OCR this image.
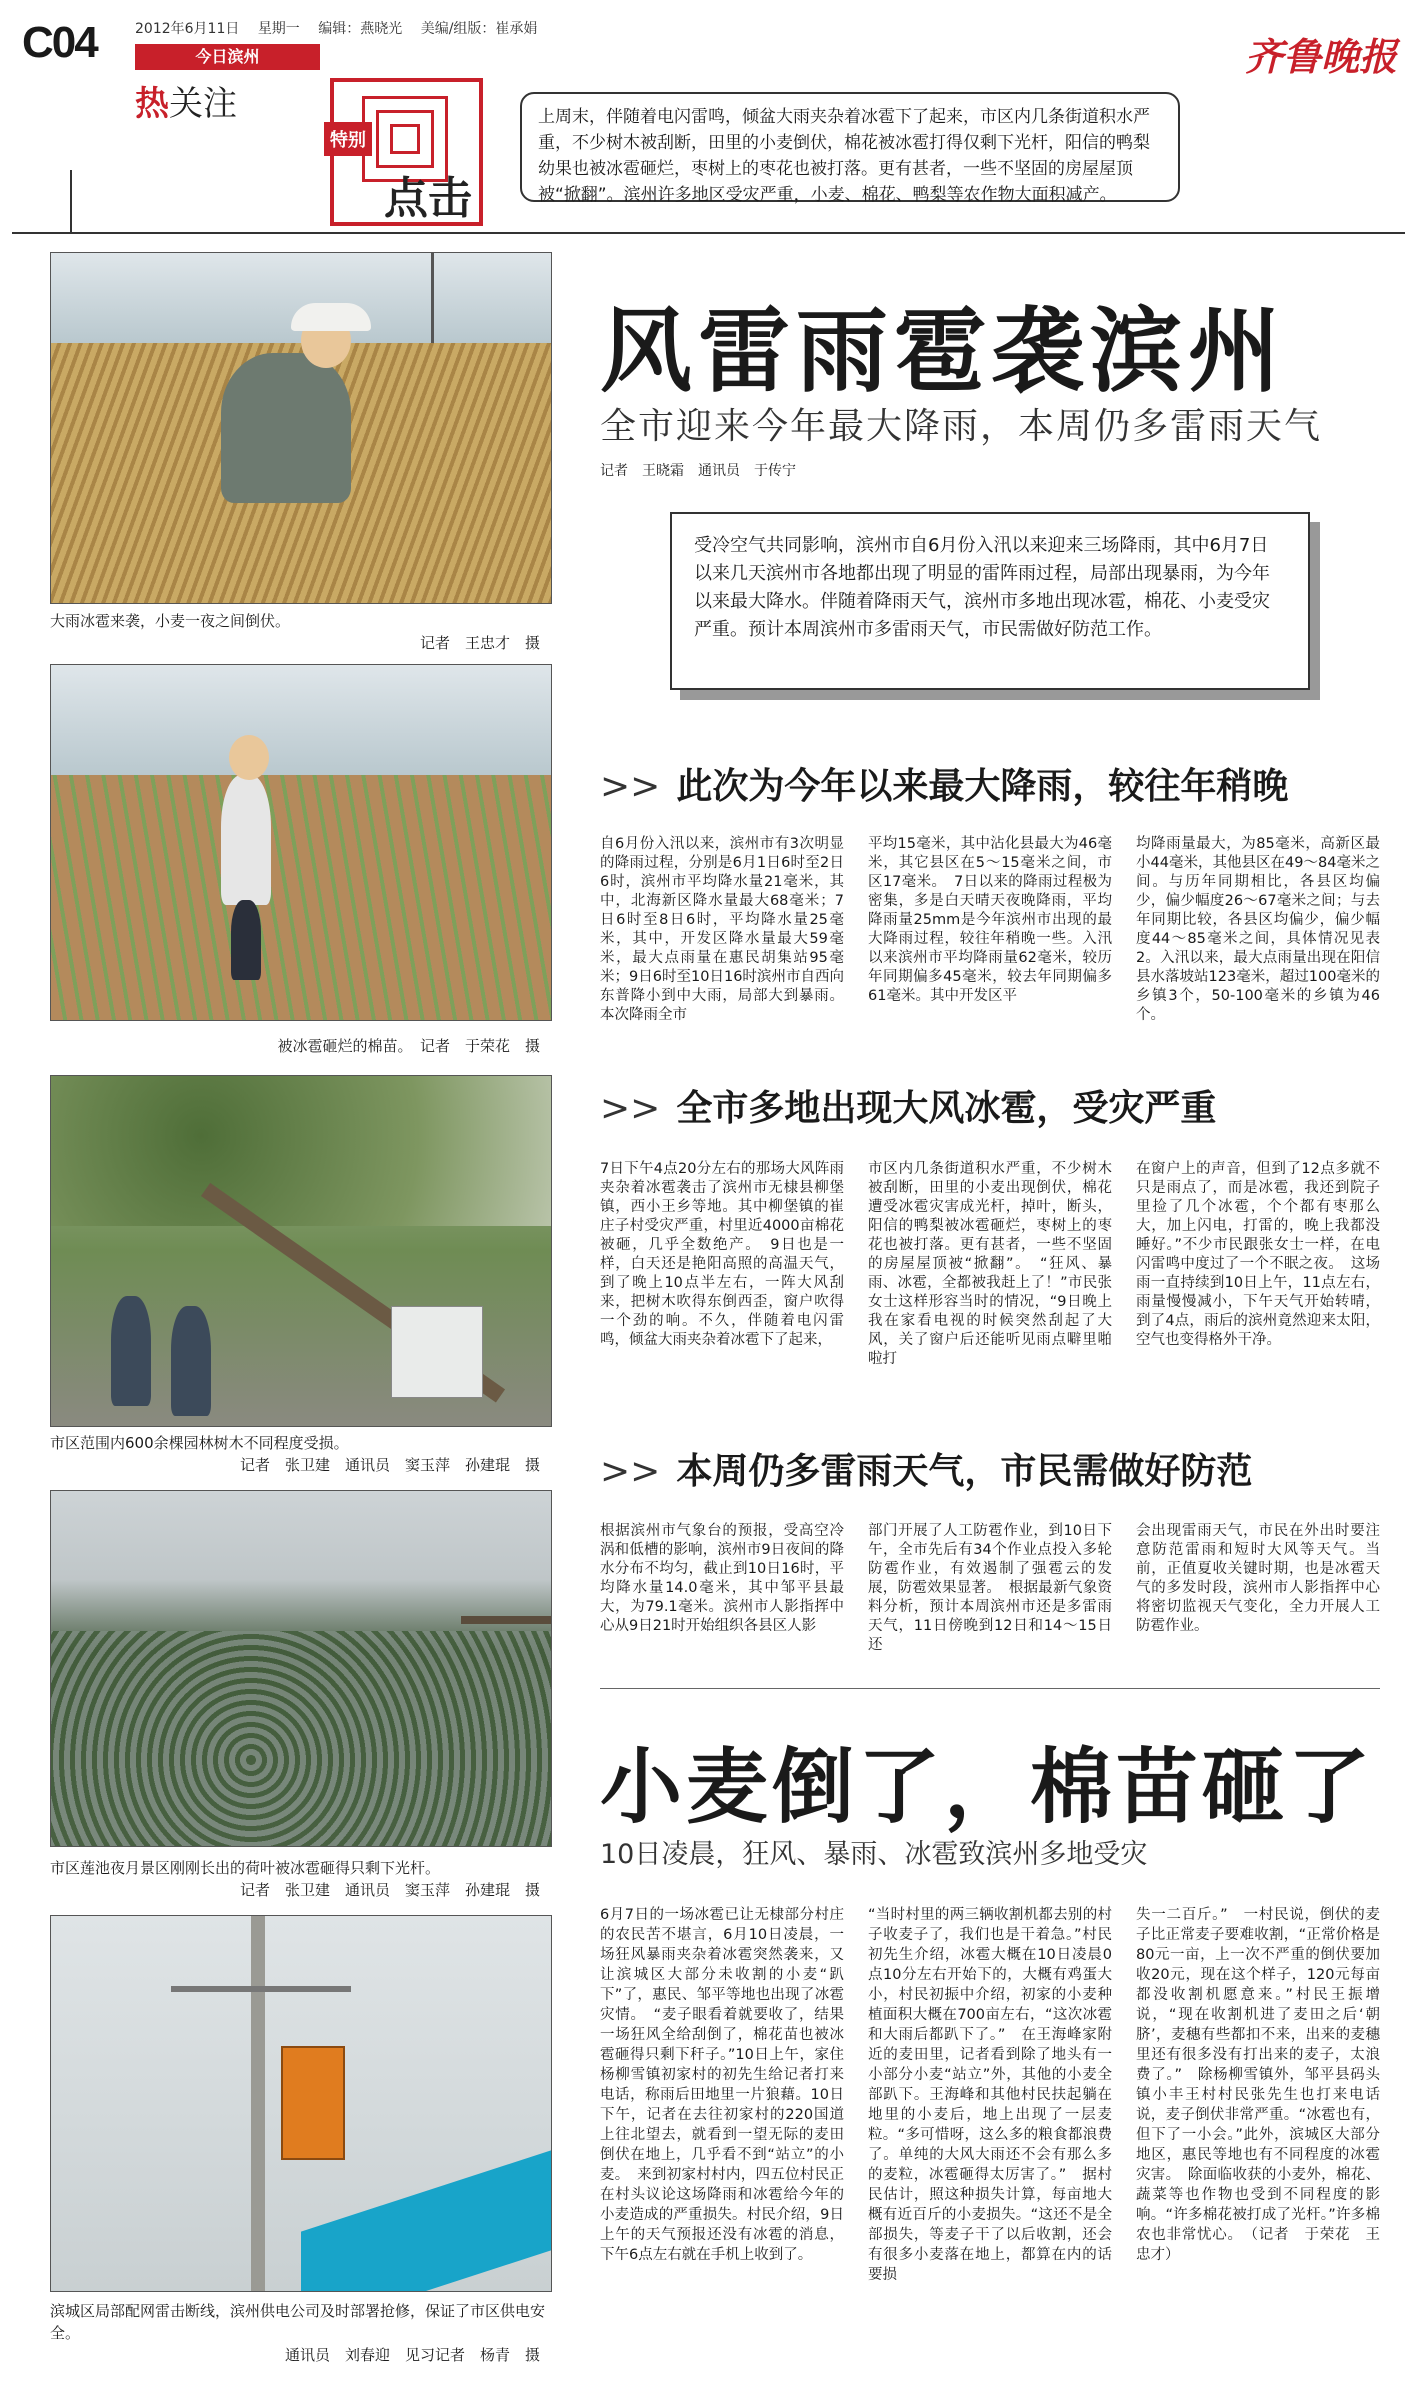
C04	2012年6月11日 星期一 编辑：燕晓光 美编/组版：崔承娟
今日滨州
热关注
齐鲁晚报
特别
点击
上周末，伴随着电闪雷鸣，倾盆大雨夹杂着冰雹下了起来，市区内几条街道积水严重，不少树木被刮断，田里的小麦倒伏，棉花被冰雹打得仅剩下光杆，阳信的鸭梨幼果也被冰雹砸烂，枣树上的枣花也被打落。更有甚者，一些不坚固的房屋屋顶被“掀翻”。滨州许多地区受灾严重，小麦、棉花、鸭梨等农作物大面积减产。
大雨冰雹来袭，小麦一夜之间倒伏。
记者　王忠才　摄
被冰雹砸烂的棉苗。　记者　于荣花　摄
市区范围内600余棵园林树木不同程度受损。
记者　张卫建　通讯员　窦玉萍　孙建琨　摄
市区莲池夜月景区刚刚长出的荷叶被冰雹砸得只剩下光杆。
记者　张卫建　通讯员　窦玉萍　孙建琨　摄
滨城区局部配网雷击断线，滨州供电公司及时部署抢修，保证了市区供电安全。
通讯员　刘春迎　见习记者　杨青　摄
风雷雨雹袭滨州
全市迎来今年最大降雨，本周仍多雷雨天气
记者　王晓霜　通讯员　于传宁
受冷空气共同影响，滨州市自6月份入汛以来迎来三场降雨，其中6月7日以来几天滨州市各地都出现了明显的雷阵雨过程，局部出现暴雨，为今年以来最大降水。伴随着降雨天气，滨州市多地出现冰雹，棉花、小麦受灾严重。预计本周滨州市多雷雨天气，市民需做好防范工作。
>> 此次为今年以来最大降雨，较往年稍晚
自6月份入汛以来，滨州市有3次明显的降雨过程，分别是6月1日6时至2日6时，滨州市平均降水量21毫米，其中，北海新区降水量最大68毫米；7日6时至8日6时，平均降水量25毫米，其中，开发区降水量最大59毫米，最大点雨量在惠民胡集站95毫米；9日6时至10日16时滨州市自西向东普降小到中大雨，局部大到暴雨。本次降雨全市
平均15毫米，其中沾化县最大为46毫米，其它县区在5～15毫米之间，市区17毫米。　7日以来的降雨过程极为密集，多是白天晴天夜晚降雨，平均降雨量25mm是今年滨州市出现的最大降雨过程，较往年稍晚一些。入汛以来滨州市平均降雨量62毫米，较历年同期偏多45毫米，较去年同期偏多61毫米。其中开发区平
均降雨量最大，为85毫米，高新区最小44毫米，其他县区在49～84毫米之间。与历年同期相比，各县区均偏少，偏少幅度26～67毫米之间；与去年同期比较，各县区均偏少，偏少幅度44～85毫米之间，具体情况见表2。入汛以来，最大点雨量出现在阳信县水落坡站123毫米，超过100毫米的乡镇3个，50-100毫米的乡镇为46个。
>> 全市多地出现大风冰雹，受灾严重
7日下午4点20分左右的那场大风阵雨夹杂着冰雹袭击了滨州市无棣县柳堡镇，西小王乡等地。其中柳堡镇的崔庄子村受灾严重，村里近4000亩棉花被砸，几乎全数绝产。　9日也是一样，白天还是艳阳高照的高温天气，到了晚上10点半左右，一阵大风刮来，把树木吹得东倒西歪，窗户吹得一个劲的响。不久，伴随着电闪雷鸣，倾盆大雨夹杂着冰雹下了起来，
市区内几条街道积水严重，不少树木被刮断，田里的小麦出现倒伏，棉花遭受冰雹灾害成光杆，掉叶，断头，阳信的鸭梨被冰雹砸烂，枣树上的枣花也被打落。更有甚者，一些不坚固的房屋屋顶被“掀翻”。　“狂风、暴雨、冰雹，全都被我赶上了！”市民张女士这样形容当时的情况，“9日晚上我在家看电视的时候突然刮起了大风，关了窗户后还能听见雨点噼里啪啦打
在窗户上的声音，但到了12点多就不只是雨点了，而是冰雹，我还到院子里捡了几个冰雹，个个都有枣那么大，加上闪电，打雷的，晚上我都没睡好。”不少市民跟张女士一样，在电闪雷鸣中度过了一个不眠之夜。　这场雨一直持续到10日上午，11点左右，雨量慢慢减小，下午天气开始转晴，到了4点，雨后的滨州竟然迎来太阳，空气也变得格外干净。
>> 本周仍多雷雨天气，市民需做好防范
根据滨州市气象台的预报，受高空冷涡和低槽的影响，滨州市9日夜间的降水分布不均匀，截止到10日16时，平均降水量14.0毫米，其中邹平县最大，为79.1毫米。滨州市人影指挥中心从9日21时开始组织各县区人影
部门开展了人工防雹作业，到10日下午，全市先后有34个作业点投入多轮防雹作业，有效遏制了强雹云的发展，防雹效果显著。　根据最新气象资料分析，预计本周滨州市还是多雷雨天气，11日傍晚到12日和14～15日还
会出现雷雨天气，市民在外出时要注意防范雷雨和短时大风等天气。当前，正值夏收关键时期，也是冰雹天气的多发时段，滨州市人影指挥中心将密切监视天气变化，全力开展人工防雹作业。
小麦倒了，棉苗砸了
10日凌晨，狂风、暴雨、冰雹致滨州多地受灾
6月7日的一场冰雹已让无棣部分村庄的农民苦不堪言，6月10日凌晨，一场狂风暴雨夹杂着冰雹突然袭来，又让滨城区大部分未收割的小麦“趴下”了，惠民、邹平等地也出现了冰雹灾情。　“麦子眼看着就要收了，结果一场狂风全给刮倒了，棉花苗也被冰雹砸得只剩下秆子。”10日上午，家住杨柳雪镇初家村的初先生给记者打来电话，称雨后田地里一片狼藉。10日下午，记者在去往初家村的220国道上往北望去，就看到一望无际的麦田倒伏在地上，几乎看不到“站立”的小麦。　来到初家村村内，四五位村民正在村头议论这场降雨和冰雹给今年的小麦造成的严重损失。村民介绍，9日上午的天气预报还没有冰雹的消息，下午6点左右就在手机上收到了。
“当时村里的两三辆收割机都去别的村子收麦子了，我们也是干着急。”村民初先生介绍，冰雹大概在10日凌晨0点10分左右开始下的，大概有鸡蛋大小，村民初振中介绍，初家的小麦种植面积大概在700亩左右，“这次冰雹和大雨后都趴下了。”　在王海峰家附近的麦田里，记者看到除了地头有一小部分小麦“站立”外，其他的小麦全部趴下。王海峰和其他村民扶起躺在地里的小麦后，地上出现了一层麦粒。“多可惜呀，这么多的粮食都浪费了。单纯的大风大雨还不会有那么多的麦粒，冰雹砸得太厉害了。”　据村民估计，照这种损失计算，每亩地大概有近百斤的小麦损失。“这还不是全部损失，等麦子干了以后收割，还会有很多小麦落在地上，都算在内的话要损
失一二百斤。”　一村民说，倒伏的麦子比正常麦子要难收割，“正常价格是80元一亩，上一次不严重的倒伏要加收20元，现在这个样子，120元每亩都没收割机愿意来。”村民王振增说，“现在收割机进了麦田之后‘朝脐’，麦穗有些都扣不来，出来的麦穗里还有很多没有打出来的麦子，太浪费了。”　除杨柳雪镇外，邹平县码头镇小丰王村村民张先生也打来电话说，麦子倒伏非常严重。“冰雹也有，但下了一小会。”此外，滨城区大部分地区，惠民等地也有不同程度的冰雹灾害。　除面临收获的小麦外，棉花、蔬菜等也作物也受到不同程度的影响。“许多棉花被打成了光杆。”许多棉农也非常忧心。　（记者　于荣花　王忠才）
